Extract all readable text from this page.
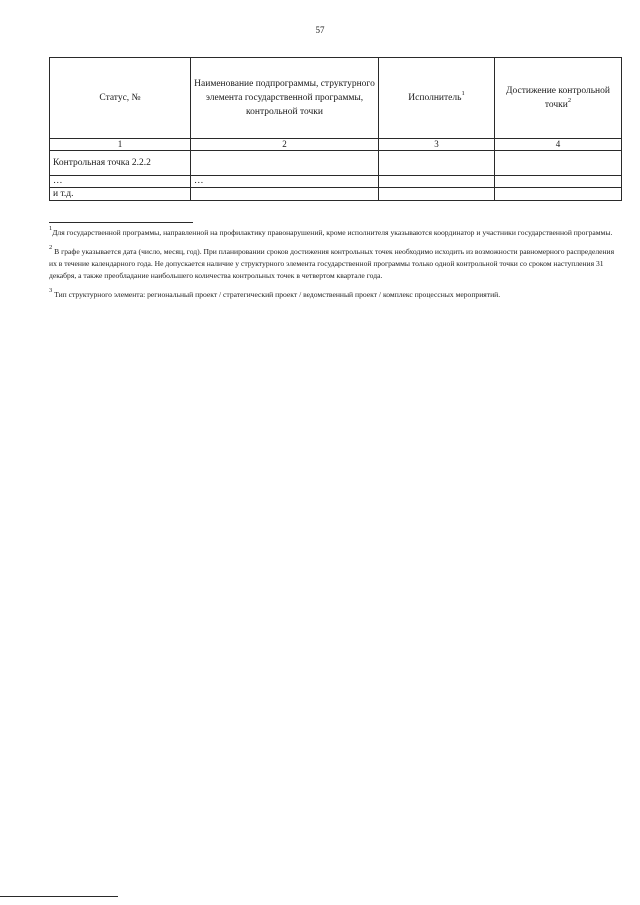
57
Статус, №	Наименование подпрограммы, структурного элемента государственной программы, контрольной точки	Исполнитель$^1$	Достижение контрольной точки$^2$
1	2	3	4
Контрольная точка 2.2.2			
…	…		
и т.д.			

$^1$Для государственной программы, направленной на профилактику правонарушений, кроме исполнителя указываются координатор и участники государственной программы.

$^2$ В графе указывается дата (число, месяц, год). При планировании сроков достижения контрольных точек необходимо исходить из возможности равномерного распределения их в течение календарного года. Не допускается наличие у структурного элемента государственной программы только одной контрольной точки со сроком наступления 31 декабря, а также преобладание наибольшего количества контрольных точек в четвертом квартале года.

$^3$ Тип структурного элемента: региональный проект / стратегический проект / ведомственный проект / комплекс процессных мероприятий.
